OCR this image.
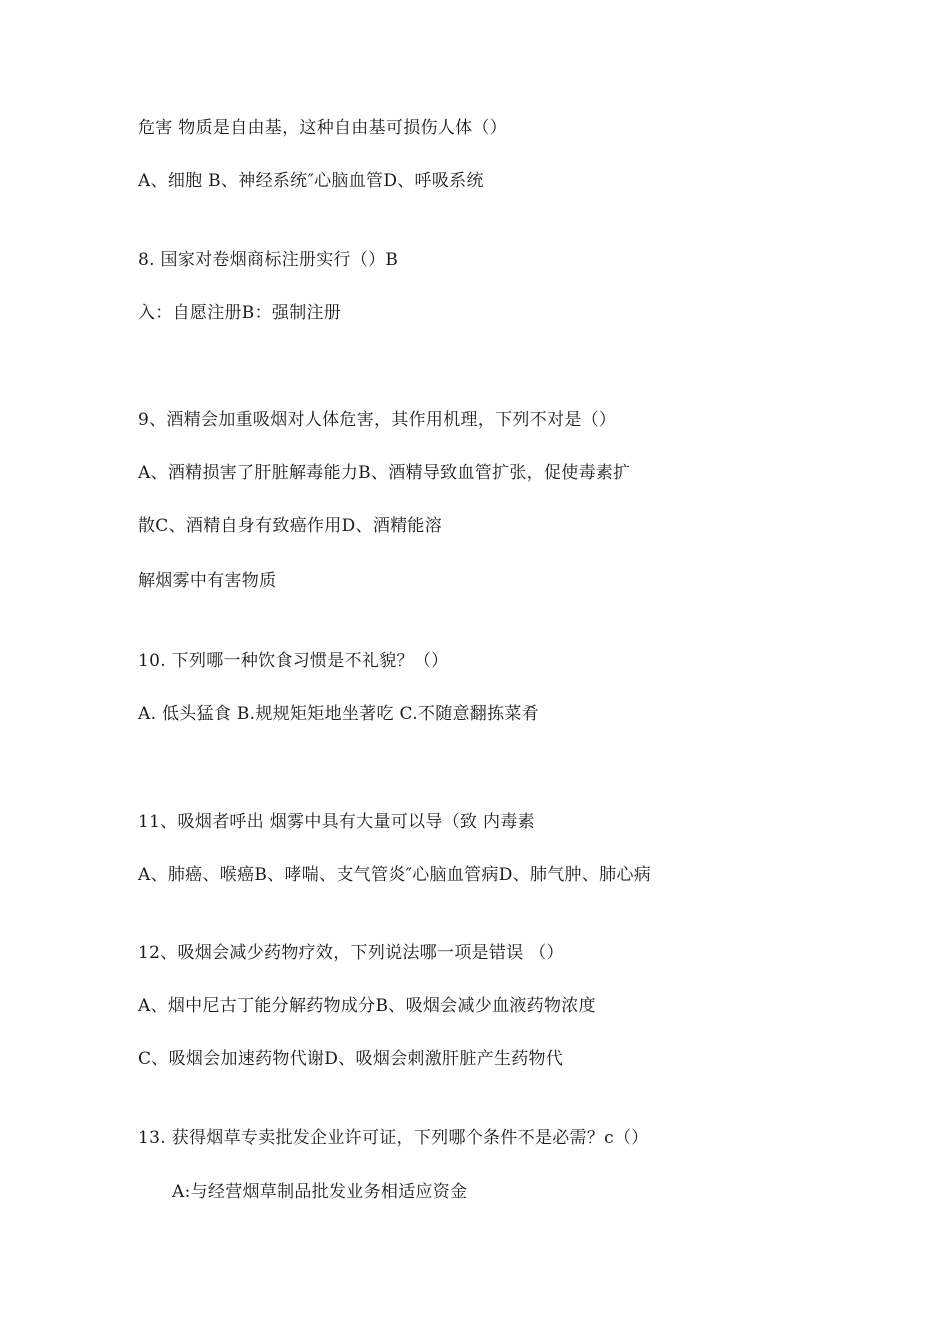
危害 物质是自由基，这种自由基可损伤人体（）
A、细胞 B、神经系统″心脑血管D、呼吸系统
8. 国家对卷烟商标注册实行（）B
入：自愿注册B：强制注册
9、酒精会加重吸烟对人体危害，其作用机理，下列不对是（）
A、酒精损害了肝脏解毒能力B、酒精导致血管扩张，促使毒素扩
散C、酒精自身有致癌作用D、酒精能溶
解烟雾中有害物质
10. 下列哪一种饮食习惯是不礼貌？（）
A. 低头猛食 B.规规矩矩地坐著吃 C.不随意翻拣菜肴
11、吸烟者呼出 烟雾中具有大量可以导（致 内毒素
A、肺癌、喉癌B、哮喘、支气管炎″心脑血管病D、肺气肿、肺心病
12、吸烟会减少药物疗效，下列说法哪一项是错误 （）
A、烟中尼古丁能分解药物成分B、吸烟会减少血液药物浓度
C、吸烟会加速药物代谢D、吸烟会刺激肝脏产生药物代
13. 获得烟草专卖批发企业许可证，下列哪个条件不是必需？c（）
A:与经营烟草制品批发业务相适应资金
